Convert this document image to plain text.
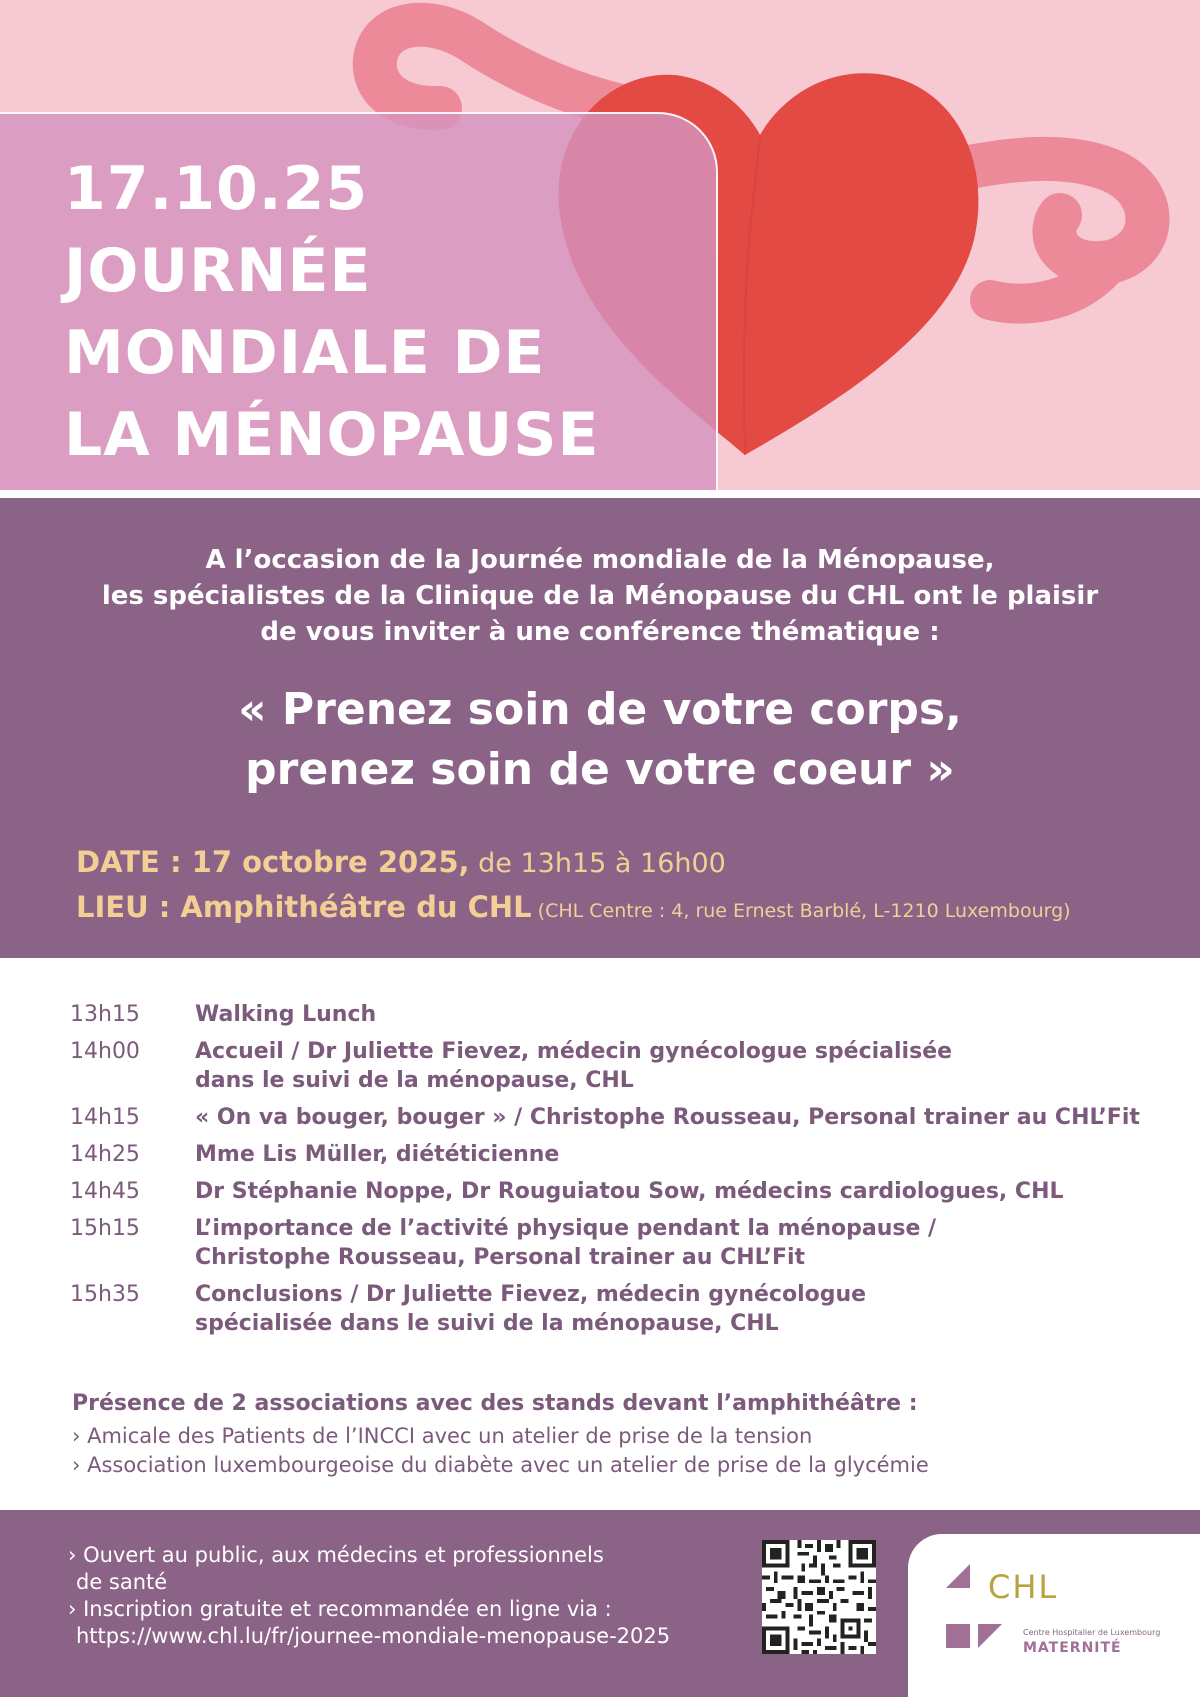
17.10.25
JOURNÉE
MONDIALE DE
LA MÉNOPAUSE
A l’occasion de la Journée mondiale de la Ménopause,
les spécialistes de la Clinique de la Ménopause du CHL ont le plaisir
de vous inviter à une conférence thématique :
« Prenez soin de votre corps,
prenez soin de votre coeur »
DATE : 17 octobre 2025, de 13h15 à 16h00
LIEU : Amphithéâtre du CHL (CHL Centre : 4, rue Ernest Barblé, L-1210 Luxembourg)
13h15	Walking Lunch
14h00	Accueil / Dr Juliette Fievez, médecin gynécologue spécialisée
dans le suivi de la ménopause, CHL
14h15	« On va bouger, bouger » / Christophe Rousseau, Personal trainer au CHL’Fit
14h25	Mme Lis Müller, diététicienne
14h45	Dr Stéphanie Noppe, Dr Rouguiatou Sow, médecins cardiologues, CHL
15h15	L’importance de l’activité physique pendant la ménopause /
Christophe Rousseau, Personal trainer au CHL’Fit
15h35	Conclusions / Dr Juliette Fievez, médecin gynécologue
spécialisée dans le suivi de la ménopause, CHL
Présence de 2 associations avec des stands devant l’amphithéâtre :
› Amicale des Patients de l’INCCI avec un atelier de prise de la tension
› Association luxembourgeoise du diabète avec un atelier de prise de la glycémie
› Ouvert au public, aux médecins et professionnels
de santé
› Inscription gratuite et recommandée en ligne via :
https://www.chl.lu/fr/journee-mondiale-menopause-2025
CHL
Centre Hospitalier de Luxembourg
MATERNITÉ
